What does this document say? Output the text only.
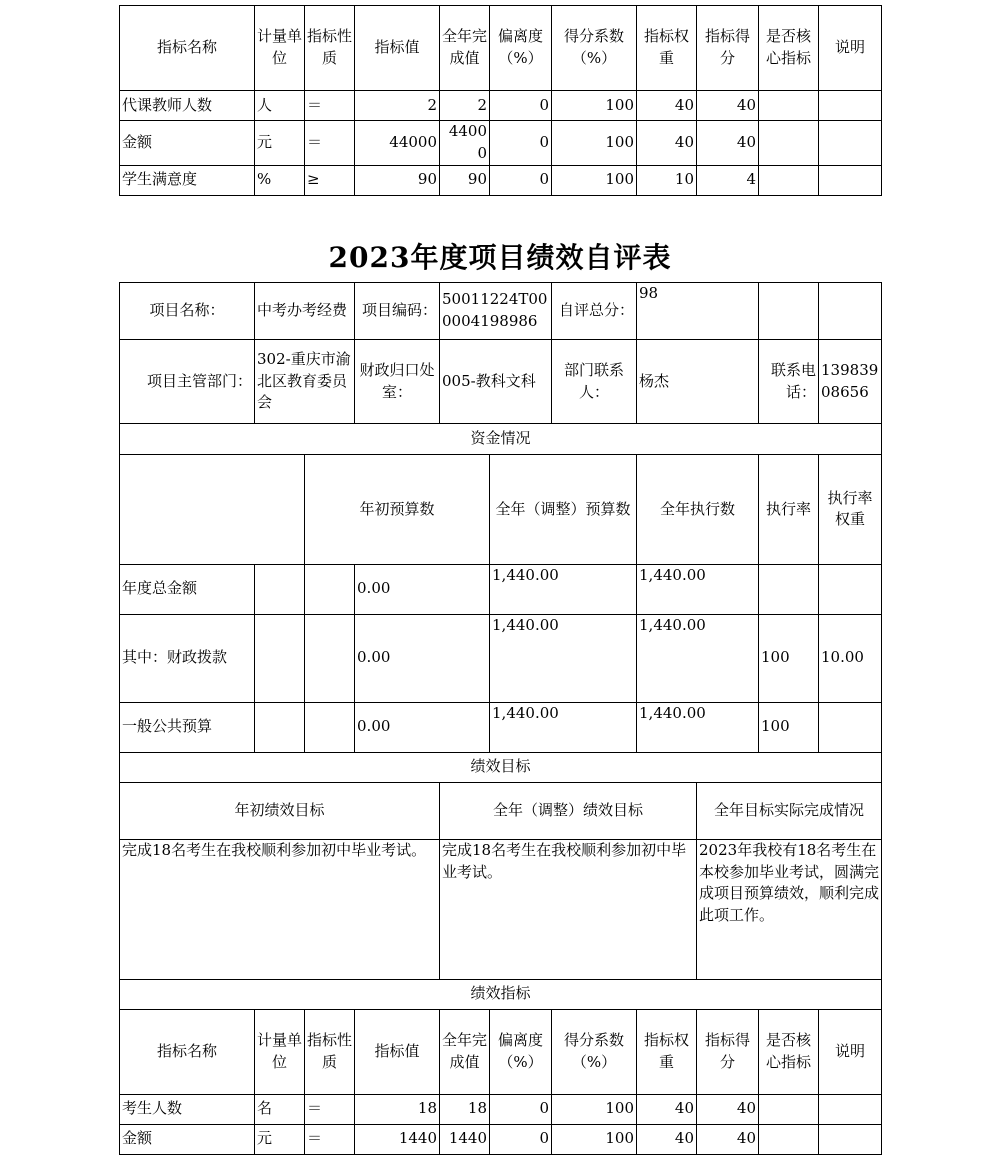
指标名称	计量单位	指标性质	指标值	全年完成值	偏离度（%）	得分系数（%）	指标权重	指标得分	是否核心指标	说明
代课教师人数	人	＝	2	2	0	100	40	40		
金额	元	＝	44000	44000	0	100	40	40		
学生满意度	%	≥	90	90	0	100	10	4		
2023年度项目绩效自评表
项目名称：	中考办考经费		项目编码：	50011224T000004198986		自评总分：	98				
项目主管部门：	302-重庆市渝北区教育委员会		财政归口处室：	005-教科文科		部门联系人：	杨杰		联系电话：	13983908656	
资金情况											
		年初预算数			全年（调整）预算数		全年执行数		执行率	执行率权重	
年度总金额			0.00		1,440.00		1,440.00				
其中：财政拨款			0.00		1,440.00		1,440.00		100	10.00	
一般公共预算			0.00		1,440.00		1,440.00		100		
绩效目标											
年初绩效目标				全年（调整）绩效目标				全年目标实际完成情况			
完成18名考生在我校顺利参加初中毕业考试。				完成18名考生在我校顺利参加初中毕业考试。				2023年我校有18名考生在本校参加毕业考试，圆满完成项目预算绩效，顺利完成此项工作。			
绩效指标											
指标名称	计量单位	指标性质	指标值	全年完成值	偏离度（%）	得分系数（%）	指标权重	指标得分	是否核心指标	说明	
考生人数	名	＝	18	18	0	100	40	40			
金额	元	＝	1440	1440	0	100	40	40			
